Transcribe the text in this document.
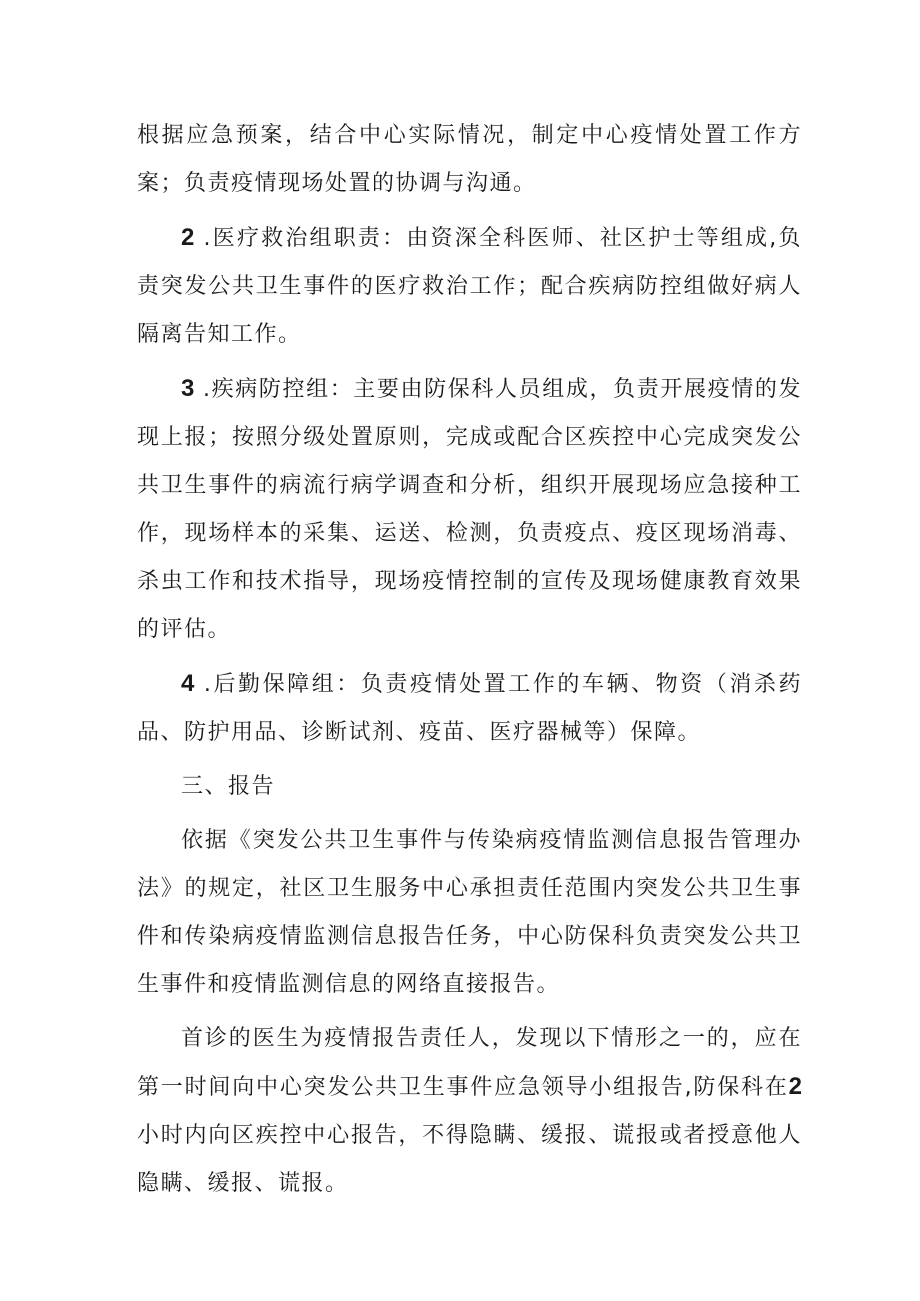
根据应急预案，结合中心实际情况，制定中心疫情处置工作方案；负责疫情现场处置的协调与沟通。

2 .医疗救治组职责：由资深全科医师、社区护士等组成,负责突发公共卫生事件的医疗救治工作；配合疾病防控组做好病人隔离告知工作。

3 .疾病防控组：主要由防保科人员组成，负责开展疫情的发现上报；按照分级处置原则，完成或配合区疾控中心完成突发公共卫生事件的病流行病学调查和分析，组织开展现场应急接种工作，现场样本的采集、运送、检测，负责疫点、疫区现场消毒、杀虫工作和技术指导，现场疫情控制的宣传及现场健康教育效果的评估。

4 .后勤保障组：负责疫情处置工作的车辆、物资（消杀药品、防护用品、诊断试剂、疫苗、医疗器械等）保障。

三、报告

依据《突发公共卫生事件与传染病疫情监测信息报告管理办法》的规定，社区卫生服务中心承担责任范围内突发公共卫生事件和传染病疫情监测信息报告任务，中心防保科负责突发公共卫生事件和疫情监测信息的网络直接报告。

首诊的医生为疫情报告责任人，发现以下情形之一的，应在第一时间向中心突发公共卫生事件应急领导小组报告,防保科在2小时内向区疾控中心报告，不得隐瞒、缓报、谎报或者授意他人隐瞒、缓报、谎报。
